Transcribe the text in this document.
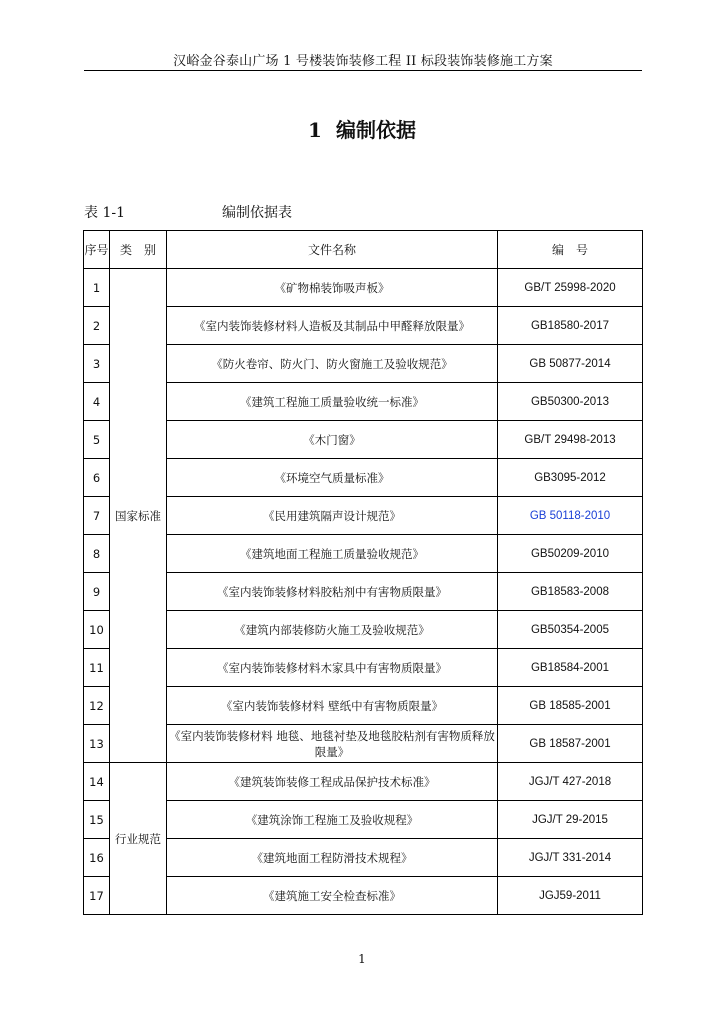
汉峪金谷泰山广场 1 号楼装饰装修工程 II 标段装饰装修施工方案
1 编制依据
表 1-1	编制依据表
序号	类　别	文件名称	编　号
1	国家标准	《矿物棉装饰吸声板》	GB/T 25998-2020
2		《室内装饰装修材料人造板及其制品中甲醛释放限量》	GB18580-2017
3		《防火卷帘、防火门、防火窗施工及验收规范》	GB 50877-2014
4		《建筑工程施工质量验收统一标准》	GB50300-2013
5		《木门窗》	GB/T 29498-2013
6		《环境空气质量标准》	GB3095-2012
7		《民用建筑隔声设计规范》	GB 50118-2010
8		《建筑地面工程施工质量验收规范》	GB50209-2010
9		《室内装饰装修材料胶粘剂中有害物质限量》	GB18583-2008
10		《建筑内部装修防火施工及验收规范》	GB50354-2005
11		《室内装饰装修材料木家具中有害物质限量》	GB18584-2001
12		《室内装饰装修材料 壁纸中有害物质限量》	GB 18585-2001
13		《室内装饰装修材料 地毯、地毯衬垫及地毯胶粘剂有害物质释放限量》	GB 18587-2001
14	行业规范	《建筑装饰装修工程成品保护技术标准》	JGJ/T 427-2018
15		《建筑涂饰工程施工及验收规程》	JGJ/T 29-2015
16		《建筑地面工程防滑技术规程》	JGJ/T 331-2014
17		《建筑施工安全检查标准》	JGJ59-2011
1
